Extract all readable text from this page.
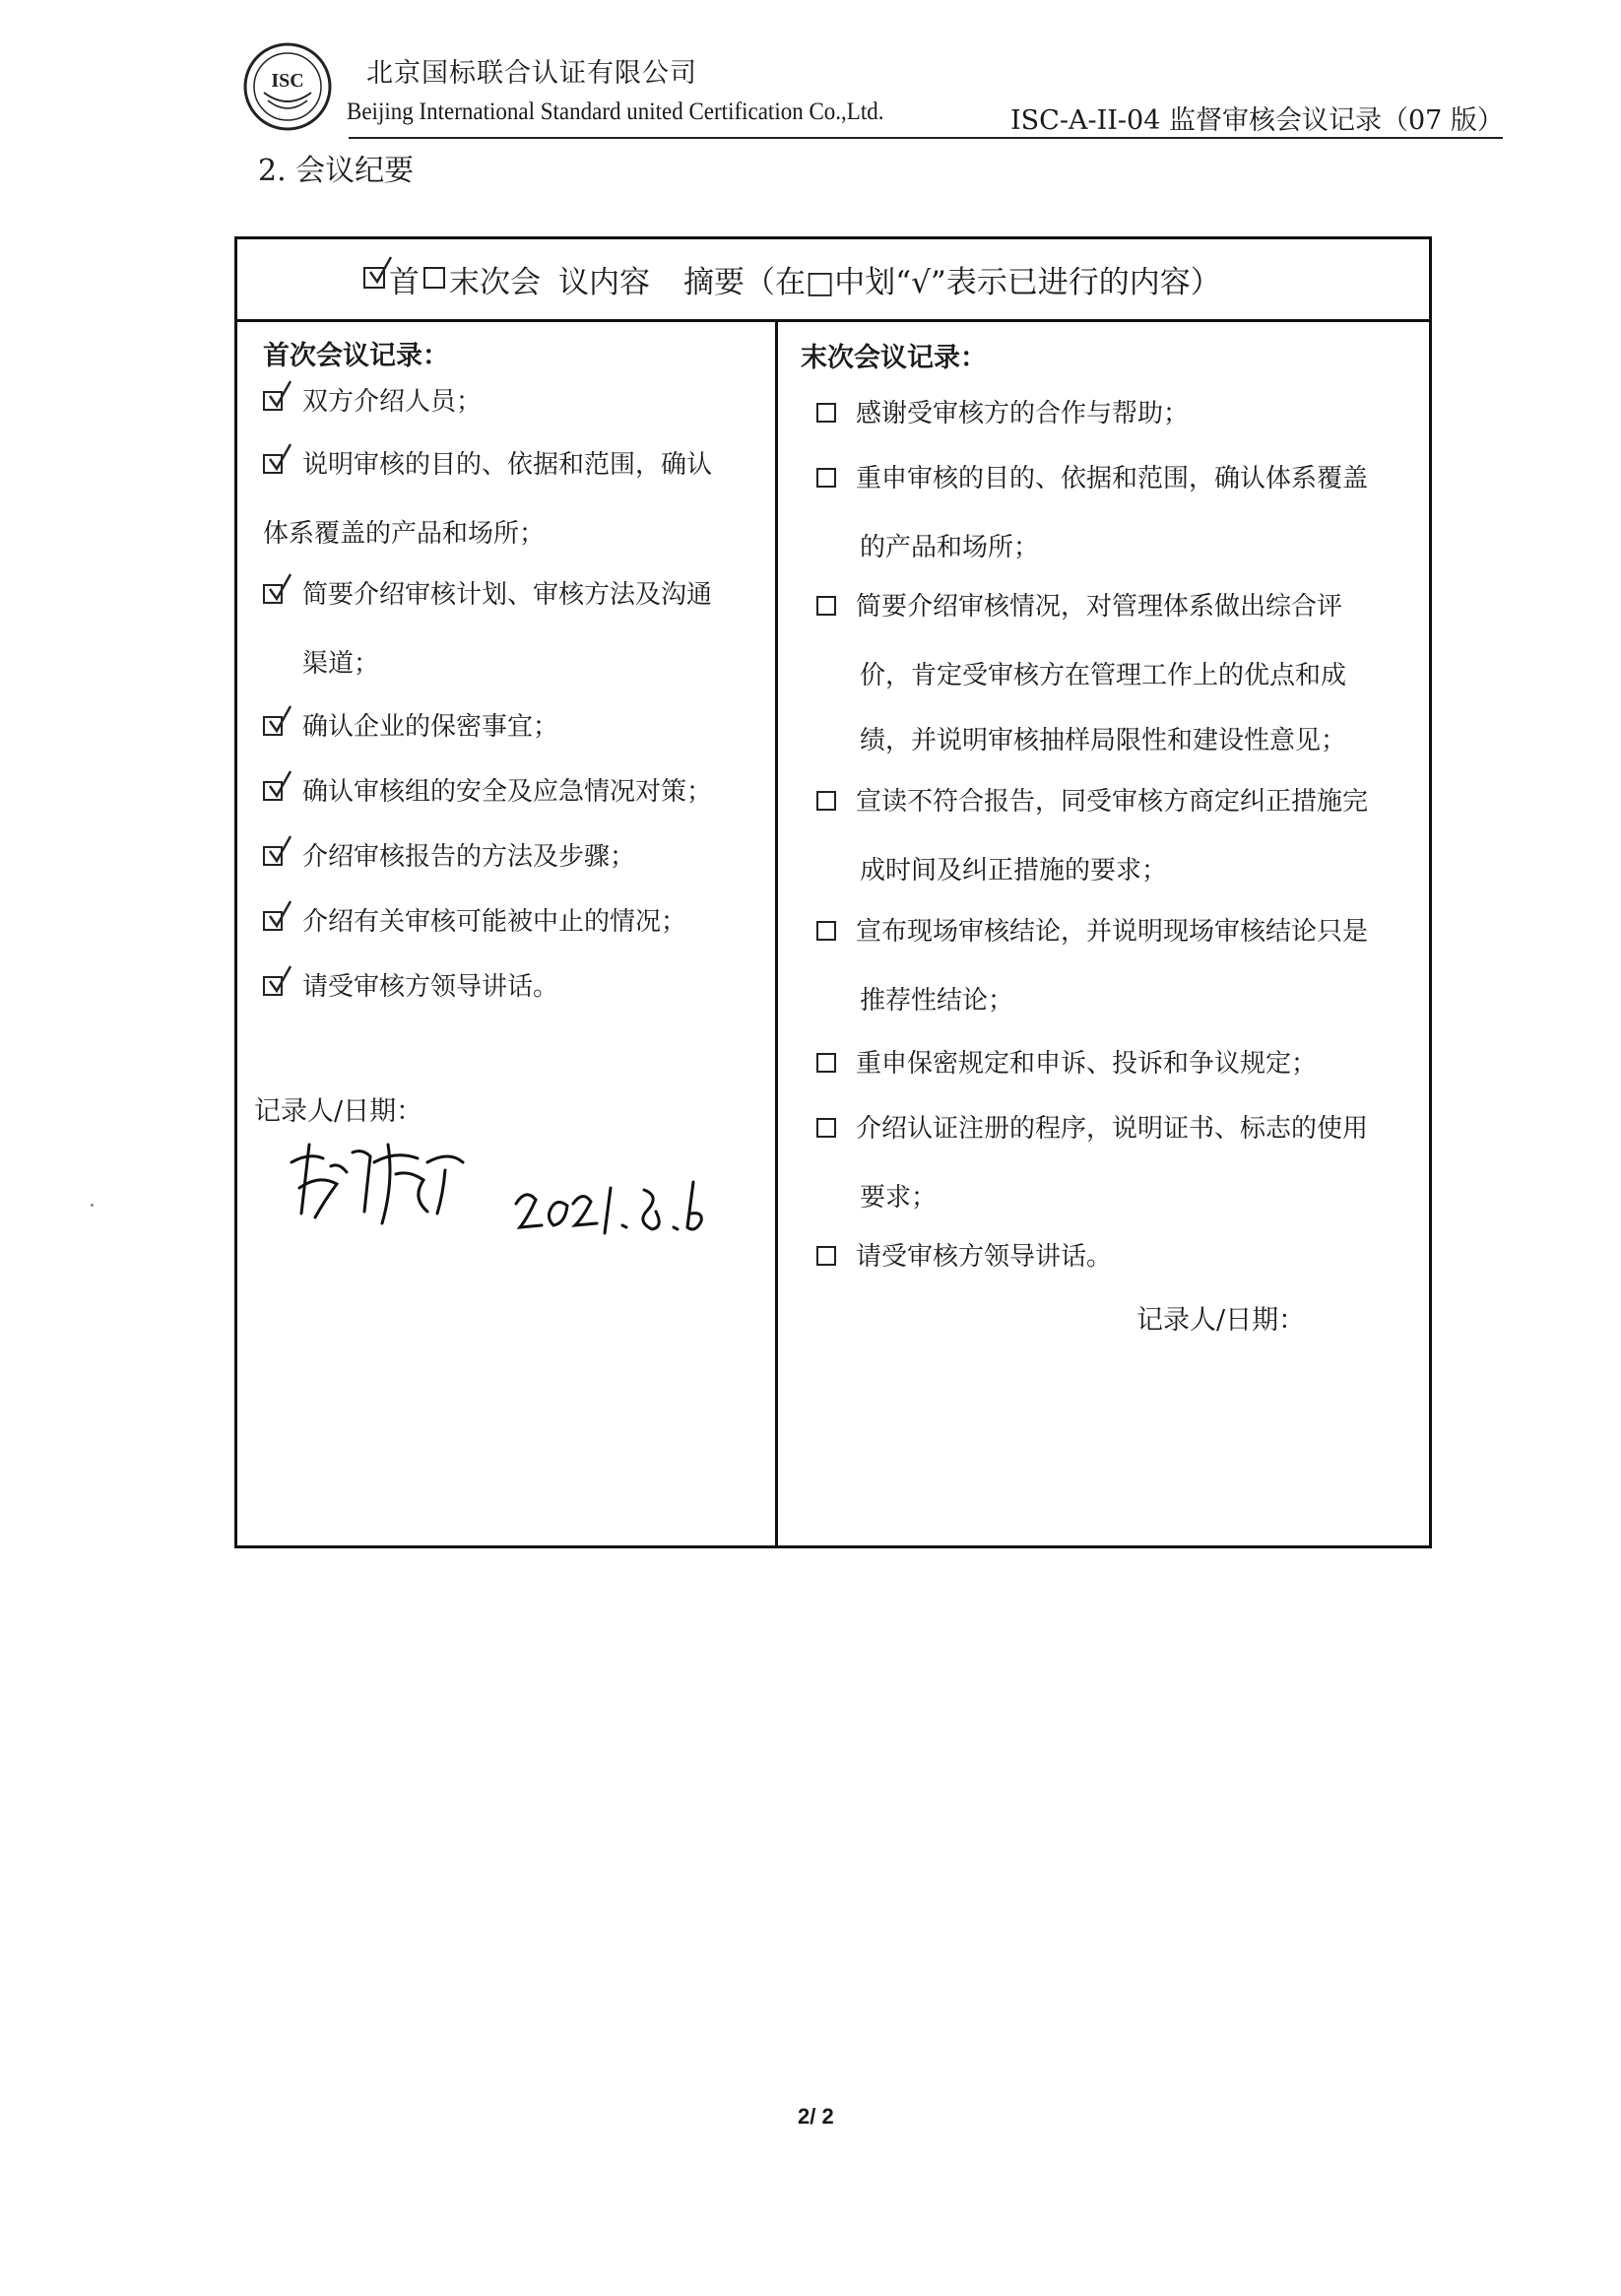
ISC 北京国标联合认证有限公司
Beijing International Standard united Certification Co.,Ltd.	ISC-A-II-04 监督审核会议记录（07 版）
2. 会议纪要
首 末次会 议内容 摘要（在□中划“√”表示已进行的内容）
首次会议记录：
双方介绍人员；
说明审核的目的、依据和范围，确认
体系覆盖的产品和场所；
简要介绍审核计划、审核方法及沟通
渠道；
确认企业的保密事宜；
确认审核组的安全及应急情况对策；
介绍审核报告的方法及步骤；
介绍有关审核可能被中止的情况；
请受审核方领导讲话。
末次会议记录：
感谢受审核方的合作与帮助；
重申审核的目的、依据和范围，确认体系覆盖
的产品和场所；
简要介绍审核情况，对管理体系做出综合评
价，肯定受审核方在管理工作上的优点和成
绩，并说明审核抽样局限性和建设性意见；
宣读不符合报告，同受审核方商定纠正措施完
成时间及纠正措施的要求；
宣布现场审核结论，并说明现场审核结论只是
推荐性结论；
重申保密规定和申诉、投诉和争议规定；
介绍认证注册的程序，说明证书、标志的使用
要求；
请受审核方领导讲话。
记录人/日期：
记录人/日期：
2/ 2
